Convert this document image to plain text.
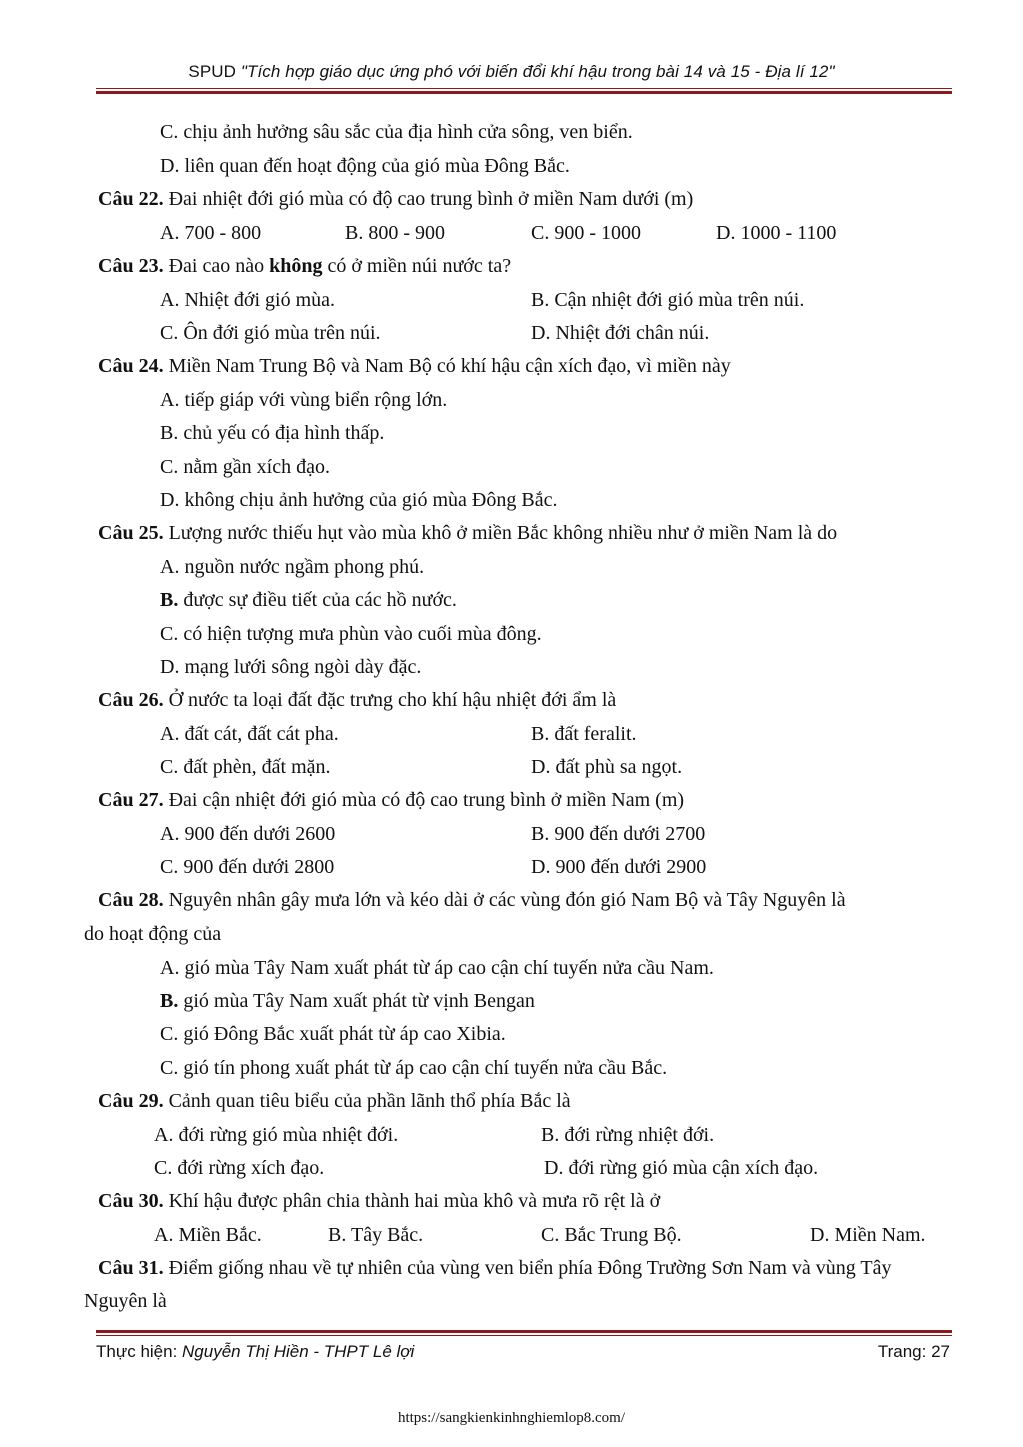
SPUD "Tích hợp giáo dục ứng phó với biến đổi khí hậu trong bài 14 và 15 - Địa lí 12"
C. chịu ảnh hưởng sâu sắc của địa hình cửa sông, ven biển.
D. liên quan đến hoạt động của gió mùa Đông Bắc.
Câu 22. Đai nhiệt đới gió mùa có độ cao trung bình ở miền Nam dưới (m)
A. 700 - 800	B. 800 - 900	C. 900 - 1000	D. 1000 - 1100
Câu 23. Đai cao nào không có ở miền núi nước ta?
A. Nhiệt đới gió mùa.	B. Cận nhiệt đới gió mùa trên núi.
C. Ôn đới gió mùa trên núi.	D. Nhiệt đới chân núi.
Câu 24. Miền Nam Trung Bộ và Nam Bộ có khí hậu cận xích đạo, vì miền này
A. tiếp giáp với vùng biển rộng lớn.
B. chủ yếu có địa hình thấp.
C. nằm gần xích đạo.
D. không chịu ảnh hưởng của gió mùa Đông Bắc.
Câu 25. Lượng nước thiếu hụt vào mùa khô ở miền Bắc không nhiều như ở miền Nam là do
A. nguồn nước ngầm phong phú.
B. được sự điều tiết của các hồ nước.
C. có hiện tượng mưa phùn vào cuối mùa đông.
D. mạng lưới sông ngòi dày đặc.
Câu 26. Ở nước ta loại đất đặc trưng cho khí hậu nhiệt đới ẩm là
A. đất cát, đất cát pha.	B. đất feralit.
C. đất phèn, đất mặn.	D. đất phù sa ngọt.
Câu 27. Đai cận nhiệt đới gió mùa có độ cao trung bình ở miền Nam (m)
A. 900 đến dưới 2600	B. 900 đến dưới 2700
C. 900 đến dưới 2800	D. 900 đến dưới 2900
Câu 28. Nguyên nhân gây mưa lớn và kéo dài ở các vùng đón gió Nam Bộ và Tây Nguyên là
do hoạt động của
A. gió mùa Tây Nam xuất phát từ áp cao cận chí tuyến nửa cầu Nam.
B. gió mùa Tây Nam xuất phát từ vịnh Bengan
C. gió Đông Bắc xuất phát từ áp cao Xibia.
C. gió tín phong xuất phát từ áp cao cận chí tuyến nửa cầu Bắc.
Câu 29. Cảnh quan tiêu biểu của phần lãnh thổ phía Bắc là
A. đới rừng gió mùa nhiệt đới.	B. đới rừng nhiệt đới.
C. đới rừng xích đạo.	D. đới rừng gió mùa cận xích đạo.
Câu 30. Khí hậu được phân chia thành hai mùa khô và mưa rõ rệt là ở
A. Miền Bắc.	B. Tây Bắc.	C. Bắc Trung Bộ.	D. Miền Nam.
Câu 31. Điểm giống nhau về tự nhiên của vùng ven biển phía Đông Trường Sơn Nam và vùng Tây
Nguyên là
Thực hiện: Nguyễn Thị Hiền - THPT Lê lợi	Trang: 27
https://sangkienkinhnghiemlop8.com/
